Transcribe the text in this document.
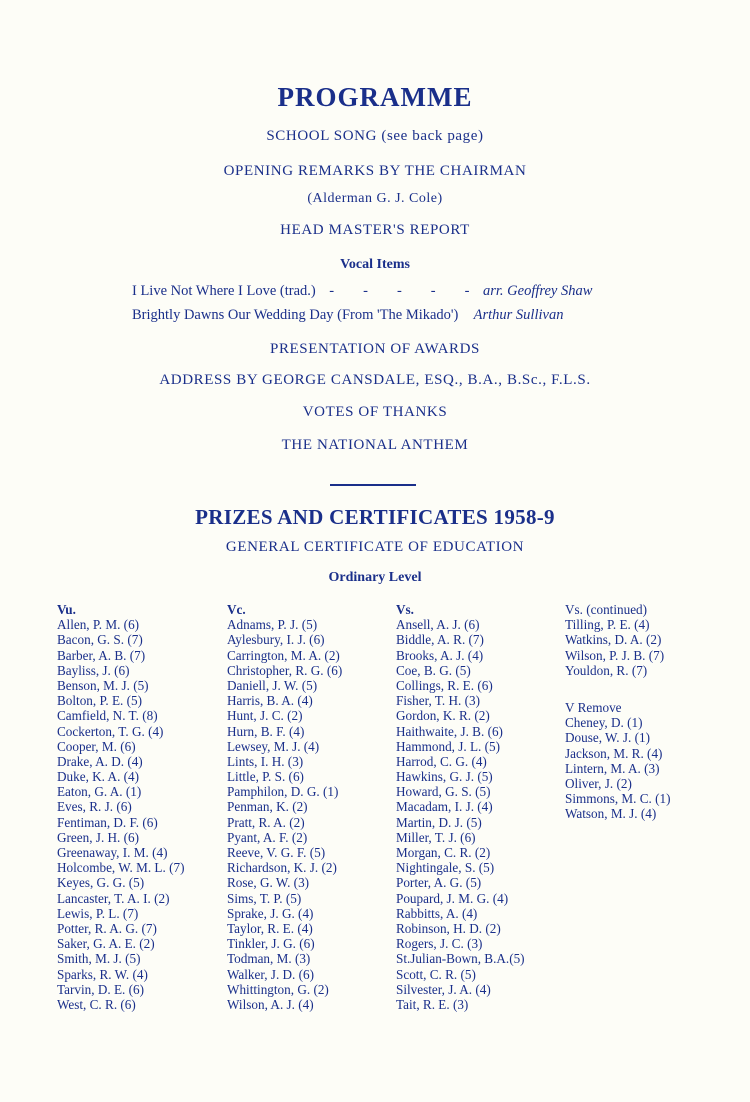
PROGRAMME
SCHOOL SONG (see back page)
OPENING REMARKS BY THE CHAIRMAN
(Alderman G. J. Cole)
HEAD MASTER'S REPORT
Vocal Items
I Live Not Where I Love (trad.) -        -        -        -        - arr. Geoffrey Shaw
Brightly Dawns Our Wedding Day (From 'The Mikado') Arthur Sullivan
PRESENTATION OF AWARDS
ADDRESS BY GEORGE CANSDALE, ESQ., B.A., B.Sc., F.L.S.
VOTES OF THANKS
THE NATIONAL ANTHEM
PRIZES AND CERTIFICATES 1958-9
GENERAL CERTIFICATE OF EDUCATION
Ordinary Level
Vu.
Allen, P. M. (6)
Bacon, G. S. (7)
Barber, A. B. (7)
Bayliss, J. (6)
Benson, M. J. (5)
Bolton, P. E. (5)
Camfield, N. T. (8)
Cockerton, T. G. (4)
Cooper, M. (6)
Drake, A. D. (4)
Duke, K. A. (4)
Eaton, G. A. (1)
Eves, R. J. (6)
Fentiman, D. F. (6)
Green, J. H. (6)
Greenaway, I. M. (4)
Holcombe, W. M. L. (7)
Keyes, G. G. (5)
Lancaster, T. A. I. (2)
Lewis, P. L. (7)
Potter, R. A. G. (7)
Saker, G. A. E. (2)
Smith, M. J. (5)
Sparks, R. W. (4)
Tarvin, D. E. (6)
West, C. R. (6)
Vc.
Adnams, P. J. (5)
Aylesbury, I. J. (6)
Carrington, M. A. (2)
Christopher, R. G. (6)
Daniell, J. W. (5)
Harris, B. A. (4)
Hunt, J. C. (2)
Hurn, B. F. (4)
Lewsey, M. J. (4)
Lints, I. H. (3)
Little, P. S. (6)
Pamphilon, D. G. (1)
Penman, K. (2)
Pratt, R. A. (2)
Pyant, A. F. (2)
Reeve, V. G. F. (5)
Richardson, K. J. (2)
Rose, G. W. (3)
Sims, T. P. (5)
Sprake, J. G. (4)
Taylor, R. E. (4)
Tinkler, J. G. (6)
Todman, M. (3)
Walker, J. D. (6)
Whittington, G. (2)
Wilson, A. J. (4)
Vs.
Ansell, A. J. (6)
Biddle, A. R. (7)
Brooks, A. J. (4)
Coe, B. G. (5)
Collings, R. E. (6)
Fisher, T. H. (3)
Gordon, K. R. (2)
Haithwaite, J. B. (6)
Hammond, J. L. (5)
Harrod, C. G. (4)
Hawkins, G. J. (5)
Howard, G. S. (5)
Macadam, I. J. (4)
Martin, D. J. (5)
Miller, T. J. (6)
Morgan, C. R. (2)
Nightingale, S. (5)
Porter, A. G. (5)
Poupard, J. M. G. (4)
Rabbitts, A. (4)
Robinson, H. D. (2)
Rogers, J. C. (3)
St.Julian-Bown, B.A.(5)
Scott, C. R. (5)
Silvester, J. A. (4)
Tait, R. E. (3)
Vs. (continued)
Tilling, P. E. (4)
Watkins, D. A. (2)
Wilson, P. J. B. (7)
Youldon, R. (7)
V Remove
Cheney, D. (1)
Douse, W. J. (1)
Jackson, M. R. (4)
Lintern, M. A. (3)
Oliver, J. (2)
Simmons, M. C. (1)
Watson, M. J. (4)
